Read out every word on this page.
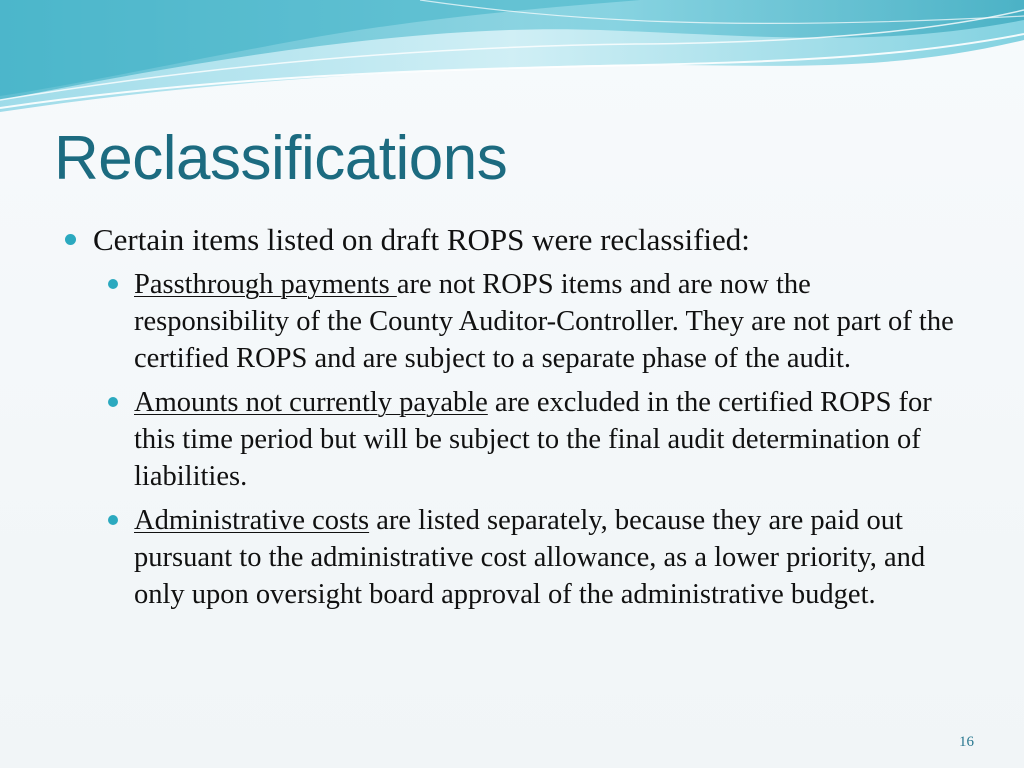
Reclassifications
Certain items listed on draft ROPS were reclassified:
Passthrough payments are not ROPS items and are now the responsibility of the County Auditor-Controller. They are not part of the certified ROPS and are subject to a separate phase of the audit.
Amounts not currently payable are excluded in the certified ROPS for this time period but will be subject to the final audit determination of liabilities.
Administrative costs are listed separately, because they are paid out pursuant to the administrative cost allowance, as a lower priority, and only upon oversight board approval of the administrative budget.
16
